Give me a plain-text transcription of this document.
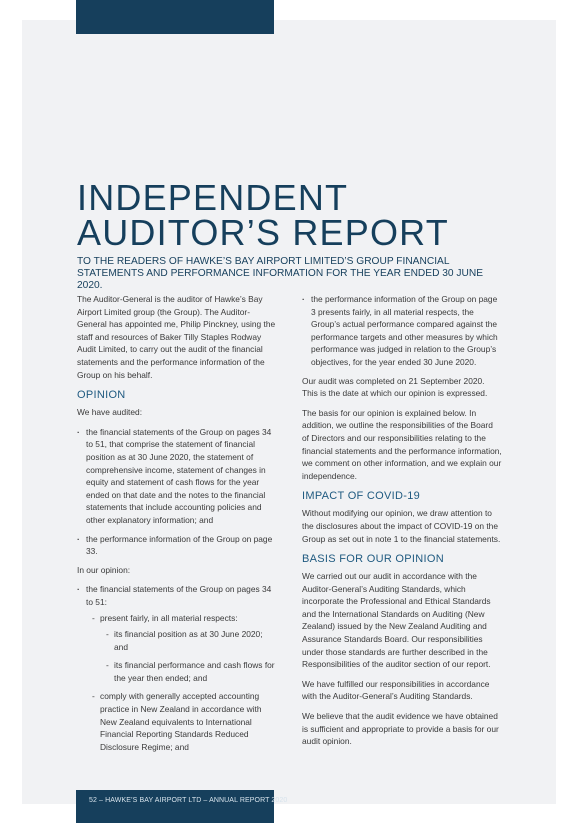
INDEPENDENT
AUDITOR’S REPORT

TO THE READERS OF HAWKE’S BAY AIRPORT LIMITED’S GROUP FINANCIAL STATEMENTS AND PERFORMANCE INFORMATION FOR THE YEAR ENDED 30 JUNE 2020.

The Auditor-General is the auditor of Hawke’s Bay Airport Limited group (the Group). The Auditor-General has appointed me, Philip Pinckney, using the staff and resources of Baker Tilly Staples Rodway Audit Limited, to carry out the audit of the financial statements and the performance information of the Group on his behalf.

OPINION

We have audited:

· the financial statements of the Group on pages 34 to 51, that comprise the statement of financial position as at 30 June 2020, the statement of comprehensive income, statement of changes in equity and statement of cash flows for the year ended on that date and the notes to the financial statements that include accounting policies and other explanatory information; and
· the performance information of the Group on page 33.

In our opinion:

· the financial statements of the Group on pages 34 to 51:
- present fairly, in all material respects:
- its financial position as at 30 June 2020; and
- its financial performance and cash flows for the year then ended; and
- comply with generally accepted accounting practice in New Zealand in accordance with New Zealand equivalents to International Financial Reporting Standards Reduced Disclosure Regime; and
· the performance information of the Group on page 3 presents fairly, in all material respects, the Group’s actual performance compared against the performance targets and other measures by which performance was judged in relation to the Group’s objectives, for the year ended 30 June 2020.

Our audit was completed on 21 September 2020. This is the date at which our opinion is expressed.

The basis for our opinion is explained below. In addition, we outline the responsibilities of the Board of Directors and our responsibilities relating to the financial statements and the performance information, we comment on other information, and we explain our independence.

IMPACT OF COVID-19

Without modifying our opinion, we draw attention to the disclosures about the impact of COVID-19 on the Group as set out in note 1 to the financial statements.

BASIS FOR OUR OPINION

We carried out our audit in accordance with the Auditor-General’s Auditing Standards, which incorporate the Professional and Ethical Standards and the International Standards on Auditing (New Zealand) issued by the New Zealand Auditing and Assurance Standards Board. Our responsibilities under those standards are further described in the Responsibilities of the auditor section of our report.

We have fulfilled our responsibilities in accordance with the Auditor-General’s Auditing Standards.

We believe that the audit evidence we have obtained is sufficient and appropriate to provide a basis for our audit opinion.

52 – HAWKE’S BAY AIRPORT LTD – ANNUAL REPORT 2020
